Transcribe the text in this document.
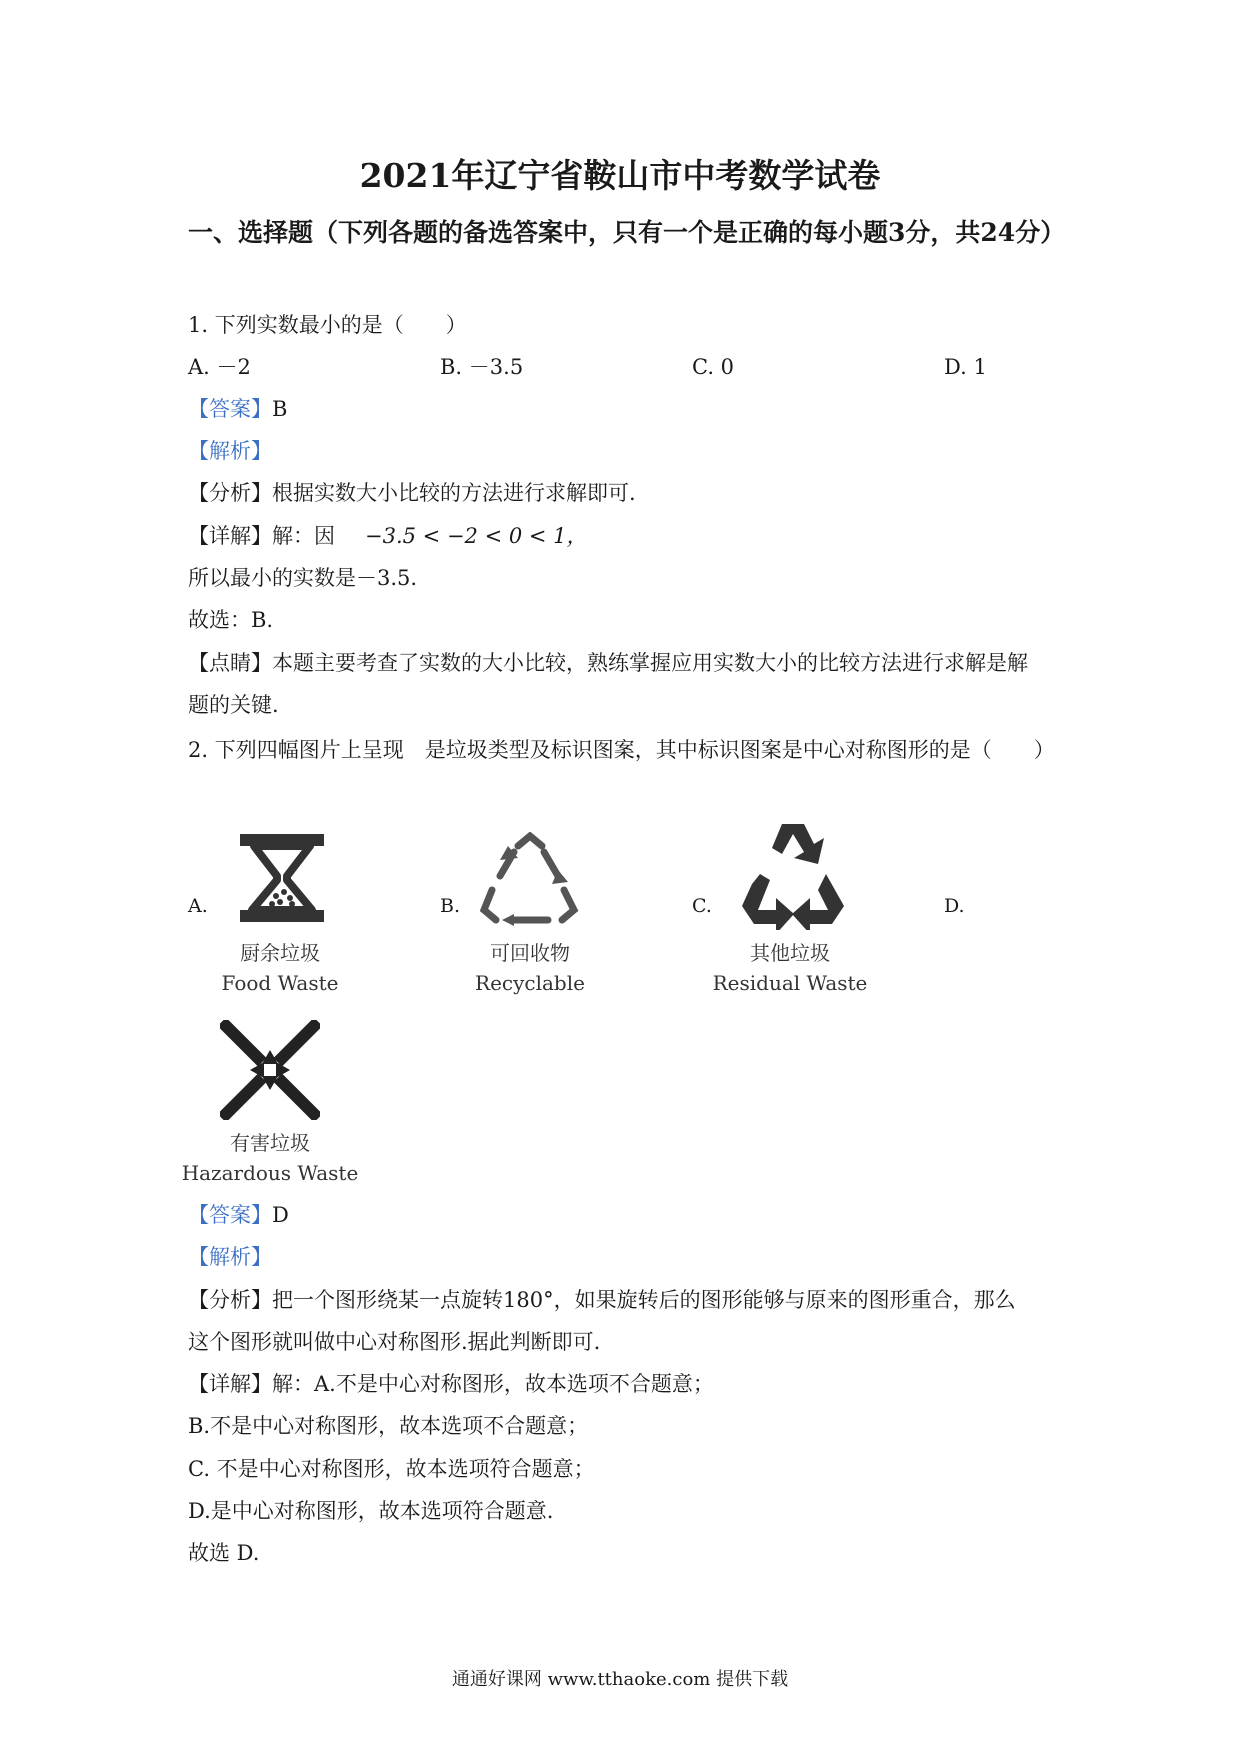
2021年辽宁省鞍山市中考数学试卷
一、选择题（下列各题的备选答案中，只有一个是正确的每小题3分，共24分）
1. 下列实数最小的是（　　）
A. －2	B. －3.5	C. 0	D. 1
【答案】B
【解析】
【分析】根据实数大小比较的方法进行求解即可.
【详解】解：因 −3.5 < −2 < 0 < 1，
所以最小的实数是－3.5.
故选：B.
【点睛】本题主要考查了实数的大小比较，熟练掌握应用实数大小的比较方法进行求解是解
题的关键.
2. 下列四幅图片上呈现　是垃圾类型及标识图案，其中标识图案是中心对称图形的是（　　）
A.	B.	C.	D.
厨余垃圾
Food Waste
可回收物
Recyclable
其他垃圾
Residual Waste
有害垃圾
Hazardous Waste
【答案】D
【解析】
【分析】把一个图形绕某一点旋转180°，如果旋转后的图形能够与原来的图形重合，那么
这个图形就叫做中心对称图形.据此判断即可.
【详解】解：A.不是中心对称图形，故本选项不合题意；
B.不是中心对称图形，故本选项不合题意；
C. 不是中心对称图形，故本选项符合题意；
D.是中心对称图形，故本选项符合题意.
故选 D.
通通好课网 www.tthaoke.com 提供下载
